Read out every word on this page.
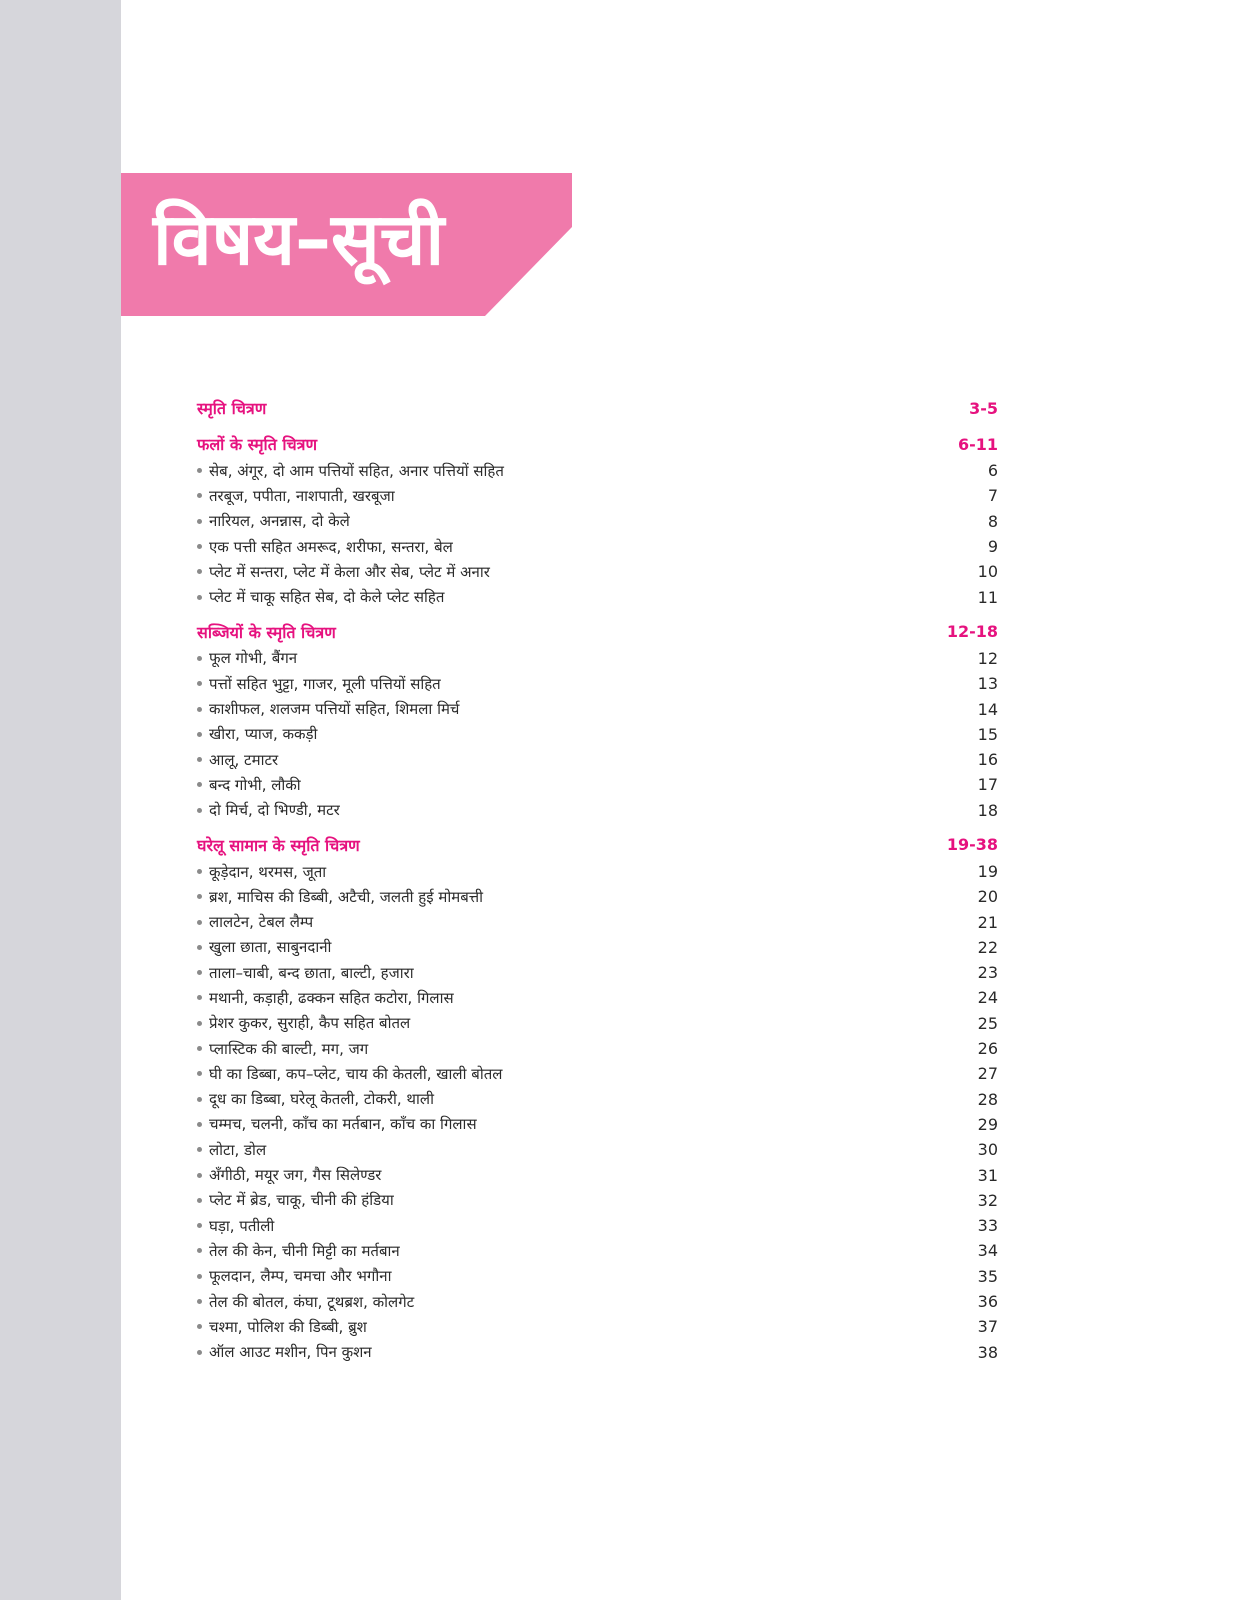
विषय–सूची
स्मृति चित्रण	3-5
फलों के स्मृति चित्रण	6-11
सेब, अंगूर, दो आम पत्तियों सहित, अनार पत्तियों सहित	6
तरबूज, पपीता, नाशपाती, खरबूजा	7
नारियल, अनन्नास, दो केले	8
एक पत्ती सहित अमरूद, शरीफा, सन्तरा, बेल	9
प्लेट में सन्तरा, प्लेट में केला और सेब, प्लेट में अनार	10
प्लेट में चाकू सहित सेब, दो केले प्लेट सहित	11
सब्जियों के स्मृति चित्रण	12-18
फूल गोभी, बैंगन	12
पत्तों सहित भुट्टा, गाजर, मूली पत्तियों सहित	13
काशीफल, शलजम पत्तियों सहित, शिमला मिर्च	14
खीरा, प्याज, ककड़ी	15
आलू, टमाटर	16
बन्द गोभी, लौकी	17
दो मिर्च, दो भिण्डी, मटर	18
घरेलू सामान के स्मृति चित्रण	19-38
कूड़ेदान, थरमस, जूता	19
ब्रश, माचिस की डिब्बी, अटैची, जलती हुई मोमबत्ती	20
लालटेन, टेबल लैम्प	21
खुला छाता, साबुनदानी	22
ताला–चाबी, बन्द छाता, बाल्टी, हजारा	23
मथानी, कड़ाही, ढक्कन सहित कटोरा, गिलास	24
प्रेशर कुकर, सुराही, कैप सहित बोतल	25
प्लास्टिक की बाल्टी, मग, जग	26
घी का डिब्बा, कप–प्लेट, चाय की केतली, खाली बोतल	27
दूध का डिब्बा, घरेलू केतली, टोकरी, थाली	28
चम्मच, चलनी, काँच का मर्तबान, काँच का गिलास	29
लोटा, डोल	30
अँगीठी, मयूर जग, गैस सिलेण्डर	31
प्लेट में ब्रेड, चाकू, चीनी की हंडिया	32
घड़ा, पतीली	33
तेल की केन, चीनी मिट्टी का मर्तबान	34
फूलदान, लैम्प, चमचा और भगौना	35
तेल की बोतल, कंघा, टूथब्रश, कोलगेट	36
चश्मा, पोलिश की डिब्बी, ब्रुश	37
ऑल आउट मशीन, पिन कुशन	38
